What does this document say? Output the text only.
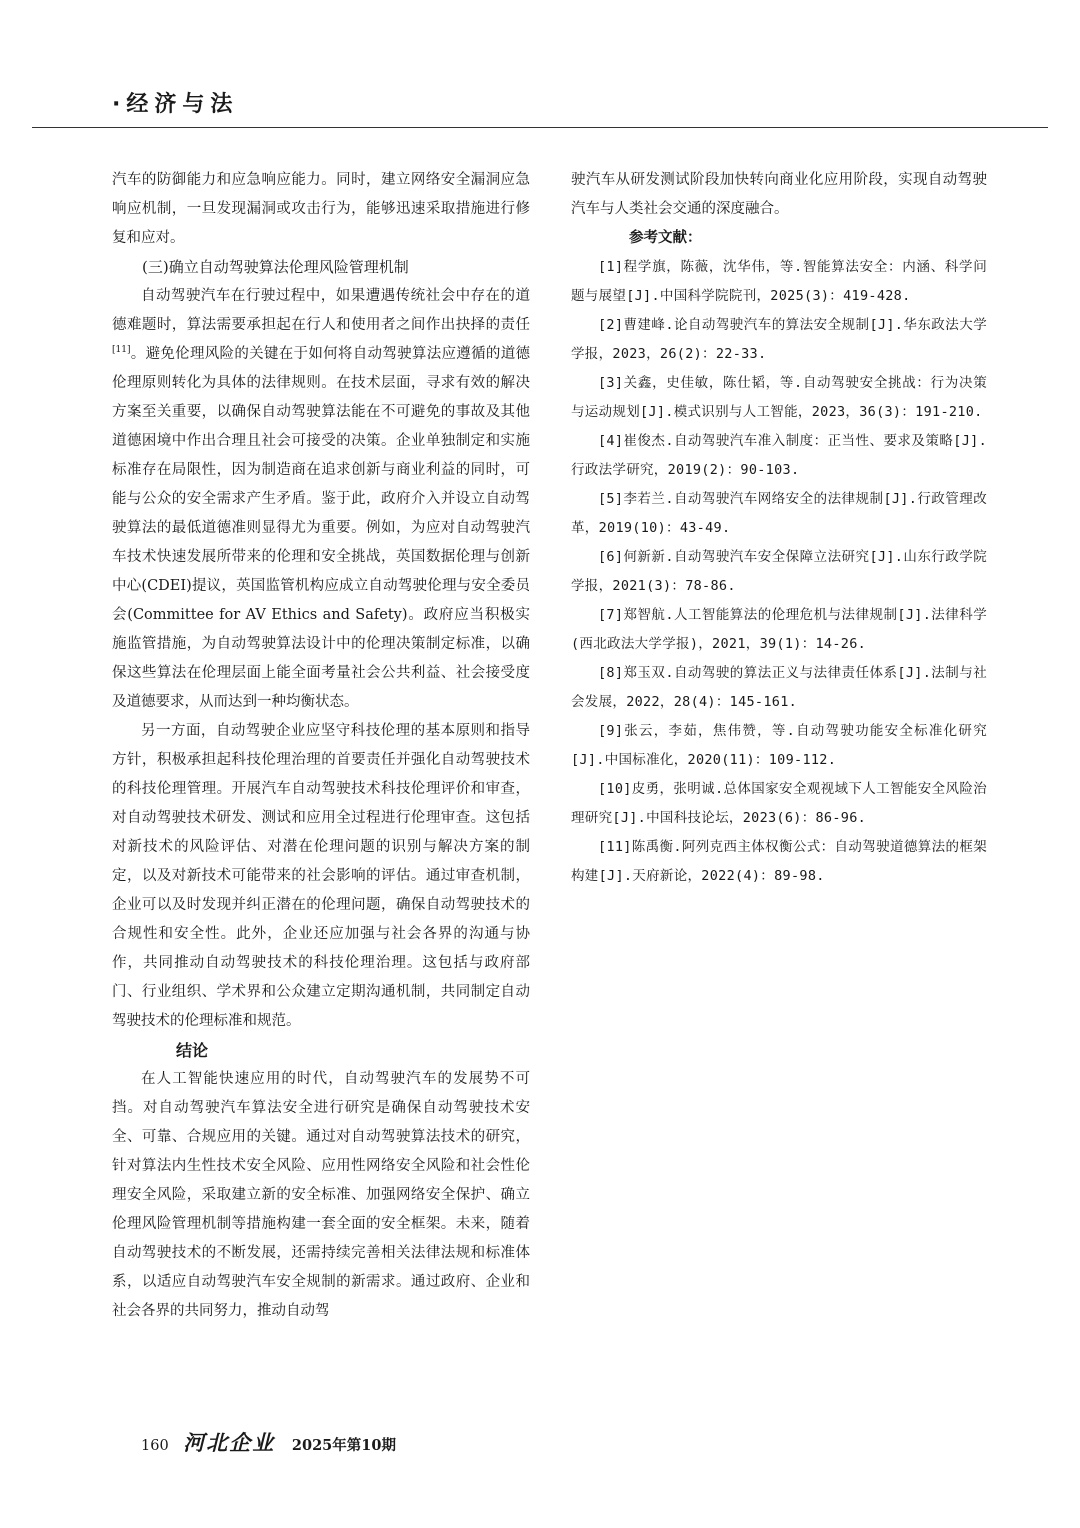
·经济与法

汽车的防御能力和应急响应能力。同时，建立网络安全漏洞应急响应机制，一旦发现漏洞或攻击行为，能够迅速采取措施进行修复和应对。

(三)确立自动驾驶算法伦理风险管理机制

自动驾驶汽车在行驶过程中，如果遭遇传统社会中存在的道德难题时，算法需要承担起在行人和使用者之间作出抉择的责任[11]。避免伦理风险的关键在于如何将自动驾驶算法应遵循的道德伦理原则转化为具体的法律规则。在技术层面，寻求有效的解决方案至关重要，以确保自动驾驶算法能在不可避免的事故及其他道德困境中作出合理且社会可接受的决策。企业单独制定和实施标准存在局限性，因为制造商在追求创新与商业利益的同时，可能与公众的安全需求产生矛盾。鉴于此，政府介入并设立自动驾驶算法的最低道德准则显得尤为重要。例如，为应对自动驾驶汽车技术快速发展所带来的伦理和安全挑战，英国数据伦理与创新中心(CDEI)提议，英国监管机构应成立自动驾驶伦理与安全委员会(Committee for AV Ethics and Safety)。政府应当积极实施监管措施，为自动驾驶算法设计中的伦理决策制定标准，以确保这些算法在伦理层面上能全面考量社会公共利益、社会接受度及道德要求，从而达到一种均衡状态。

另一方面，自动驾驶企业应坚守科技伦理的基本原则和指导方针，积极承担起科技伦理治理的首要责任并强化自动驾驶技术的科技伦理管理。开展汽车自动驾驶技术科技伦理评价和审查，对自动驾驶技术研发、测试和应用全过程进行伦理审查。这包括对新技术的风险评估、对潜在伦理问题的识别与解决方案的制定，以及对新技术可能带来的社会影响的评估。通过审查机制，企业可以及时发现并纠正潜在的伦理问题，确保自动驾驶技术的合规性和安全性。此外，企业还应加强与社会各界的沟通与协作，共同推动自动驾驶技术的科技伦理治理。这包括与政府部门、行业组织、学术界和公众建立定期沟通机制，共同制定自动驾驶技术的伦理标准和规范。

结论

在人工智能快速应用的时代，自动驾驶汽车的发展势不可挡。对自动驾驶汽车算法安全进行研究是确保自动驾驶技术安全、可靠、合规应用的关键。通过对自动驾驶算法技术的研究，针对算法内生性技术安全风险、应用性网络安全风险和社会性伦理安全风险，采取建立新的安全标准、加强网络安全保护、确立伦理风险管理机制等措施构建一套全面的安全框架。未来，随着自动驾驶技术的不断发展，还需持续完善相关法律法规和标准体系，以适应自动驾驶汽车安全规制的新需求。通过政府、企业和社会各界的共同努力，推动自动驾

驶汽车从研发测试阶段加快转向商业化应用阶段，实现自动驾驶汽车与人类社会交通的深度融合。

参考文献：

[1]程学旗，陈薇，沈华伟，等.智能算法安全：内涵、科学问题与展望[J].中国科学院院刊，2025(3)：419-428.

[2]曹建峰.论自动驾驶汽车的算法安全规制[J].华东政法大学学报，2023，26(2)：22-33.

[3]关鑫，史佳敏，陈仕韬，等.自动驾驶安全挑战：行为决策与运动规划[J].模式识别与人工智能，2023，36(3)：191-210.

[4]崔俊杰.自动驾驶汽车准入制度：正当性、要求及策略[J].行政法学研究，2019(2)：90-103.

[5]李若兰.自动驾驶汽车网络安全的法律规制[J].行政管理改革，2019(10)：43-49.

[6]何新新.自动驾驶汽车安全保障立法研究[J].山东行政学院学报，2021(3)：78-86.

[7]郑智航.人工智能算法的伦理危机与法律规制[J].法律科学(西北政法大学学报)，2021，39(1)：14-26.

[8]郑玉双.自动驾驶的算法正义与法律责任体系[J].法制与社会发展，2022，28(4)：145-161.

[9]张云，李茹，焦伟赞，等.自动驾驶功能安全标准化研究[J].中国标准化，2020(11)：109-112.

[10]皮勇，张明诚.总体国家安全观视域下人工智能安全风险治理研究[J].中国科技论坛，2023(6)：86-96.

[11]陈禹衡.阿列克西主体权衡公式：自动驾驶道德算法的框架构建[J].天府新论，2022(4)：89-98.

160 河北企业 2025年第10期
